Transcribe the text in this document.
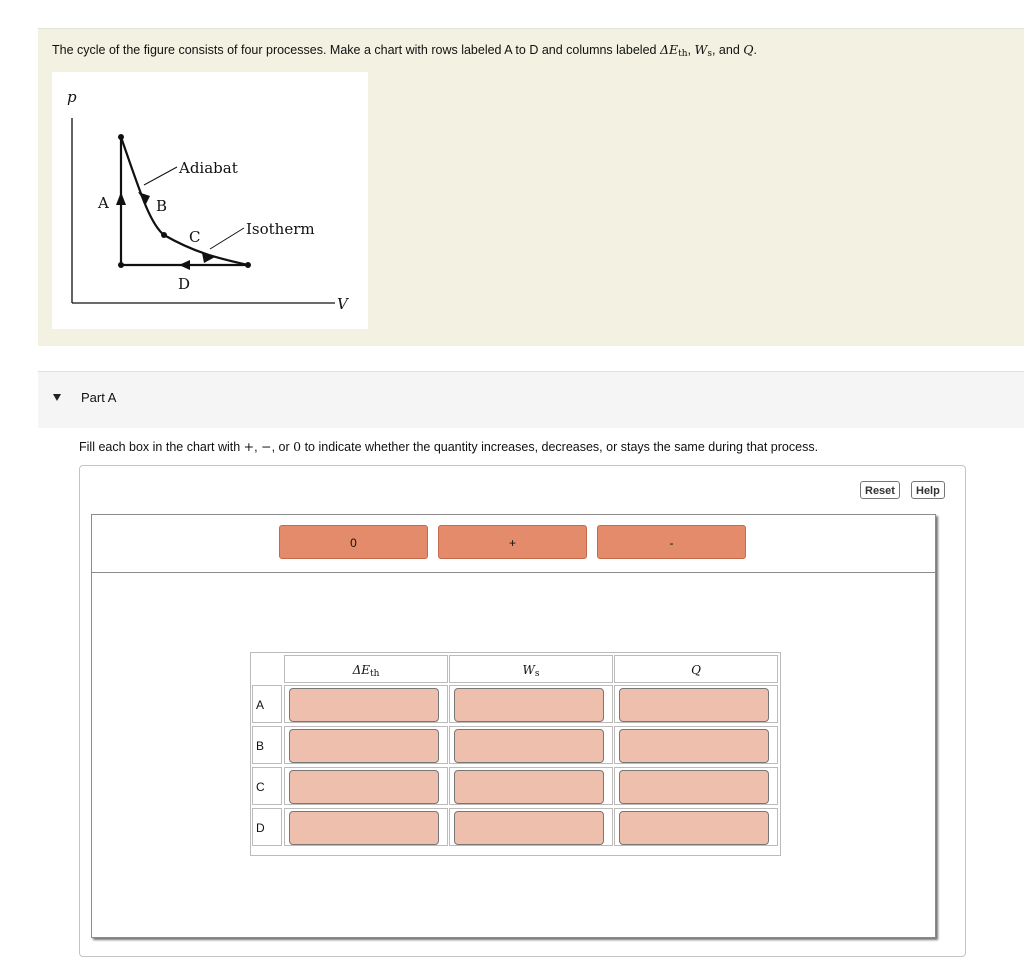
The cycle of the figure consists of four processes. Make a chart with rows labeled A to D and columns labeled $\Delta E_{th}$, $W_s$, and Q.
p
V
A	B
C
D
Adiabat
Isotherm
Part A
Fill each box in the chart with +, −, or 0 to indicate whether the quantity increases, decreases, or stays the same during that process.
Reset	Help
0	+	-
$\Delta E_{th}$	$W_s$	Q
A
B
C
D
